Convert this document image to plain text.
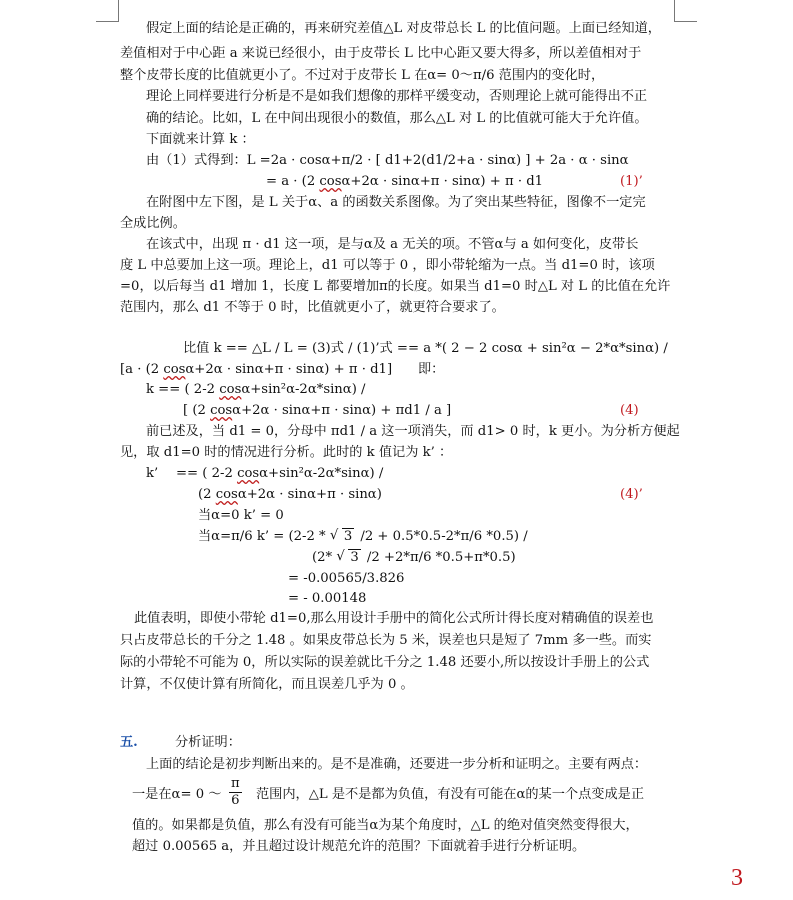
假定上面的结论是正确的，再来研究差值△L 对皮带总长 L 的比值问题。上面已经知道，
差值相对于中心距 a 来说已经很小，由于皮带长 L 比中心距又要大得多，所以差值相对于
整个皮带长度的比值就更小了。不过对于皮带长 L 在α= 0～π/6 范围内的变化时，
理论上同样要进行分析是不是如我们想像的那样平缓变动，否则理论上就可能得出不正
确的结论。比如，L 在中间出现很小的数值，那么△L 对 L 的比值就可能大于允许值。
下面就来计算 k ：
由（1）式得到：L =2a · cosα+π/2 · [ d1+2(d1/2+a · sinα) ] + 2a · α · sinα
= a · (2 cosα+2α · sinα+π · sinα) + π · d1	(1)’
在附图中左下图，是 L 关于α、a 的函数关系图像。为了突出某些特征，图像不一定完
全成比例。
在该式中，出现 π · d1 这一项，是与α及 a 无关的项。不管α与 a 如何变化，皮带长
度 L 中总要加上这一项。理论上，d1 可以等于 0 ，即小带轮缩为一点。当 d1=0 时，该项
=0，以后每当 d1 增加 1，长度 L 都要增加π的长度。如果当 d1=0 时△L 对 L 的比值在允许
范围内，那么 d1 不等于 0 时，比值就更小了，就更符合要求了。
比值 k == △L / L = (3)式 / (1)’式 == a *( 2 − 2 cosα + sin²α − 2*α*sinα) /
[a · (2 cosα+2α · sinα+π · sinα) + π · d1] 即：
k == ( 2-2 cosα+sin²α-2α*sinα) /
[ (2 cosα+2α · sinα+π · sinα) + πd1 / a ]	(4)
前已述及，当 d1 = 0，分母中 πd1 / a 这一项消失，而 d1> 0 时，k 更小。为分析方便起
见，取 d1=0 时的情况进行分析。此时的 k 值记为 k’ ：
k’ == ( 2-2 cosα+sin²α-2α*sinα) /
(2 cosα+2α · sinα+π · sinα)	(4)’
当α=0 k’ = 0
当α=π/6 k’ = (2-2 * √ 3 /2 + 0.5*0.5-2*π/6 *0.5) /
(2* √ 3 /2 +2*π/6 *0.5+π*0.5)
= -0.00565/3.826
= - 0.00148
此值表明，即使小带轮 d1=0,那么用设计手册中的简化公式所计得长度对精确值的误差也
只占皮带总长的千分之 1.48 。如果皮带总长为 5 米，误差也只是短了 7mm 多一些。而实
际的小带轮不可能为 0，所以实际的误差就比千分之 1.48 还要小,所以按设计手册上的公式
计算，不仅使计算有所简化，而且误差几乎为 0 。
五.	分析证明：
上面的结论是初步判断出来的。是不是准确，还要进一步分析和证明之。主要有两点：
一是在α= 0 ～ $\frac{\pi}{6}$ 范围内，△L 是不是都为负值，有没有可能在α的某一个点变成是正
值的。如果都是负值，那么有没有可能当α为某个角度时，△L 的绝对值突然变得很大，
超过 0.00565 a，并且超过设计规范允许的范围？下面就着手进行分析证明。
3
